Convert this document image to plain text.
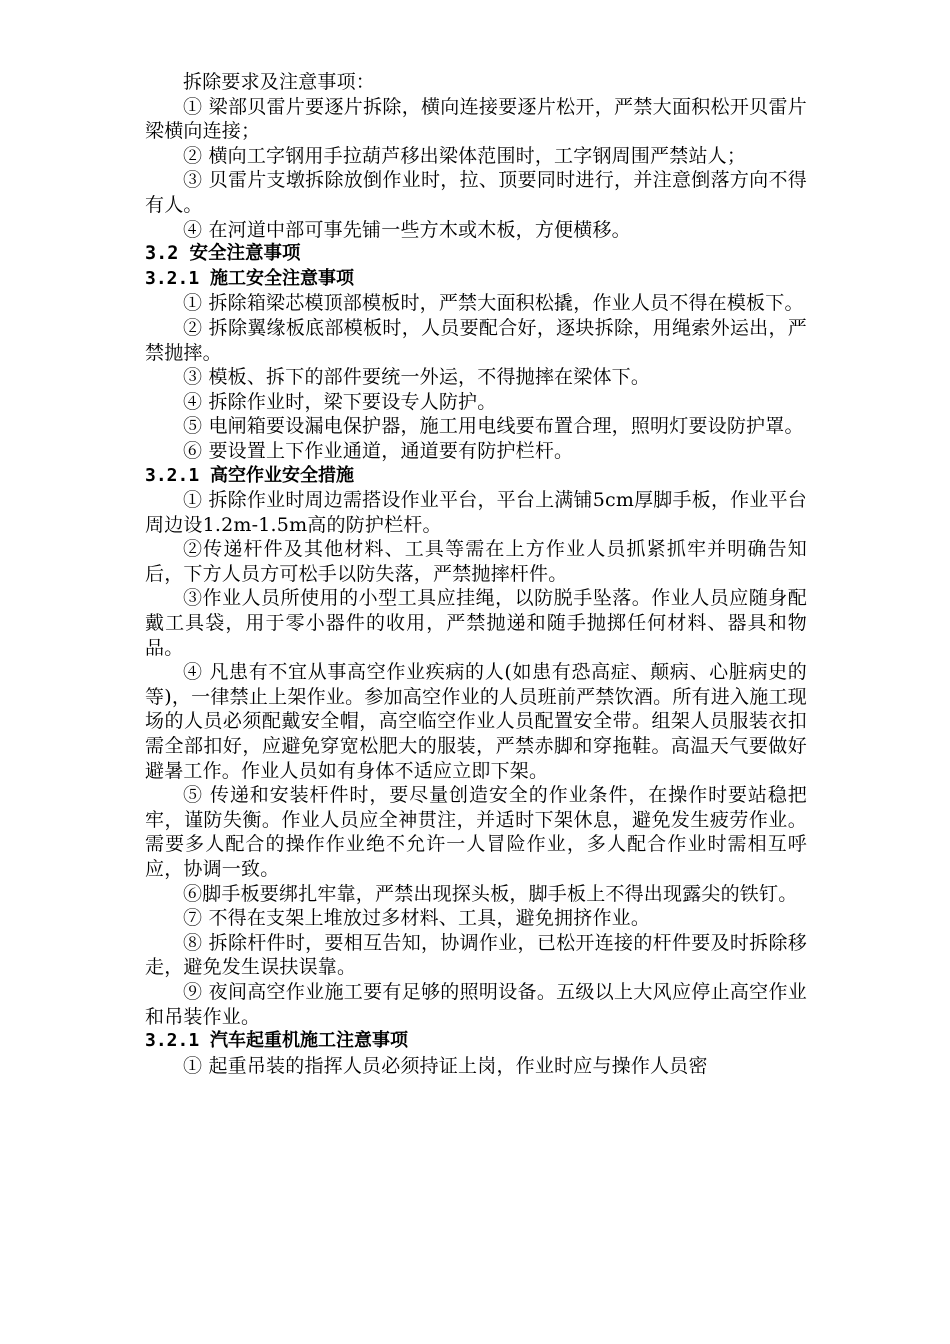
拆除要求及注意事项：

① 梁部贝雷片要逐片拆除，横向连接要逐片松开，严禁大面积松开贝雷片梁横向连接；

② 横向工字钢用手拉葫芦移出梁体范围时，工字钢周围严禁站人；

③ 贝雷片支墩拆除放倒作业时，拉、顶要同时进行，并注意倒落方向不得有人。

④ 在河道中部可事先铺一些方木或木板，方便横移。

3.2 安全注意事项

3.2.1 施工安全注意事项

① 拆除箱梁芯模顶部模板时，严禁大面积松撬，作业人员不得在模板下。

② 拆除翼缘板底部模板时，人员要配合好，逐块拆除，用绳索外运出，严禁抛摔。

③ 模板、拆下的部件要统一外运，不得抛摔在梁体下。

④ 拆除作业时，梁下要设专人防护。

⑤ 电闸箱要设漏电保护器，施工用电线要布置合理，照明灯要设防护罩。

⑥ 要设置上下作业通道，通道要有防护栏杆。

3.2.1 高空作业安全措施

① 拆除作业时周边需搭设作业平台，平台上满铺5cm厚脚手板，作业平台周边设1.2m-1.5m高的防护栏杆。

②传递杆件及其他材料、工具等需在上方作业人员抓紧抓牢并明确告知后，下方人员方可松手以防失落，严禁抛摔杆件。

③作业人员所使用的小型工具应挂绳，以防脱手坠落。作业人员应随身配戴工具袋，用于零小器件的收用，严禁抛递和随手抛掷任何材料、器具和物品。

④ 凡患有不宜从事高空作业疾病的人(如患有恐高症、颠病、心脏病史的等)，一律禁止上架作业。参加高空作业的人员班前严禁饮酒。所有进入施工现场的人员必须配戴安全帽，高空临空作业人员配置安全带。组架人员服装衣扣需全部扣好，应避免穿宽松肥大的服装，严禁赤脚和穿拖鞋。高温天气要做好避暑工作。作业人员如有身体不适应立即下架。

⑤ 传递和安装杆件时，要尽量创造安全的作业条件，在操作时要站稳把牢，谨防失衡。作业人员应全神贯注，并适时下架休息，避免发生疲劳作业。需要多人配合的操作作业绝不允许一人冒险作业，多人配合作业时需相互呼应，协调一致。

⑥脚手板要绑扎牢靠，严禁出现探头板，脚手板上不得出现露尖的铁钉。

⑦ 不得在支架上堆放过多材料、工具，避免拥挤作业。

⑧ 拆除杆件时，要相互告知，协调作业，已松开连接的杆件要及时拆除移走，避免发生误扶误靠。

⑨ 夜间高空作业施工要有足够的照明设备。五级以上大风应停止高空作业和吊装作业。

3.2.1 汽车起重机施工注意事项

① 起重吊装的指挥人员必须持证上岗，作业时应与操作人员密
